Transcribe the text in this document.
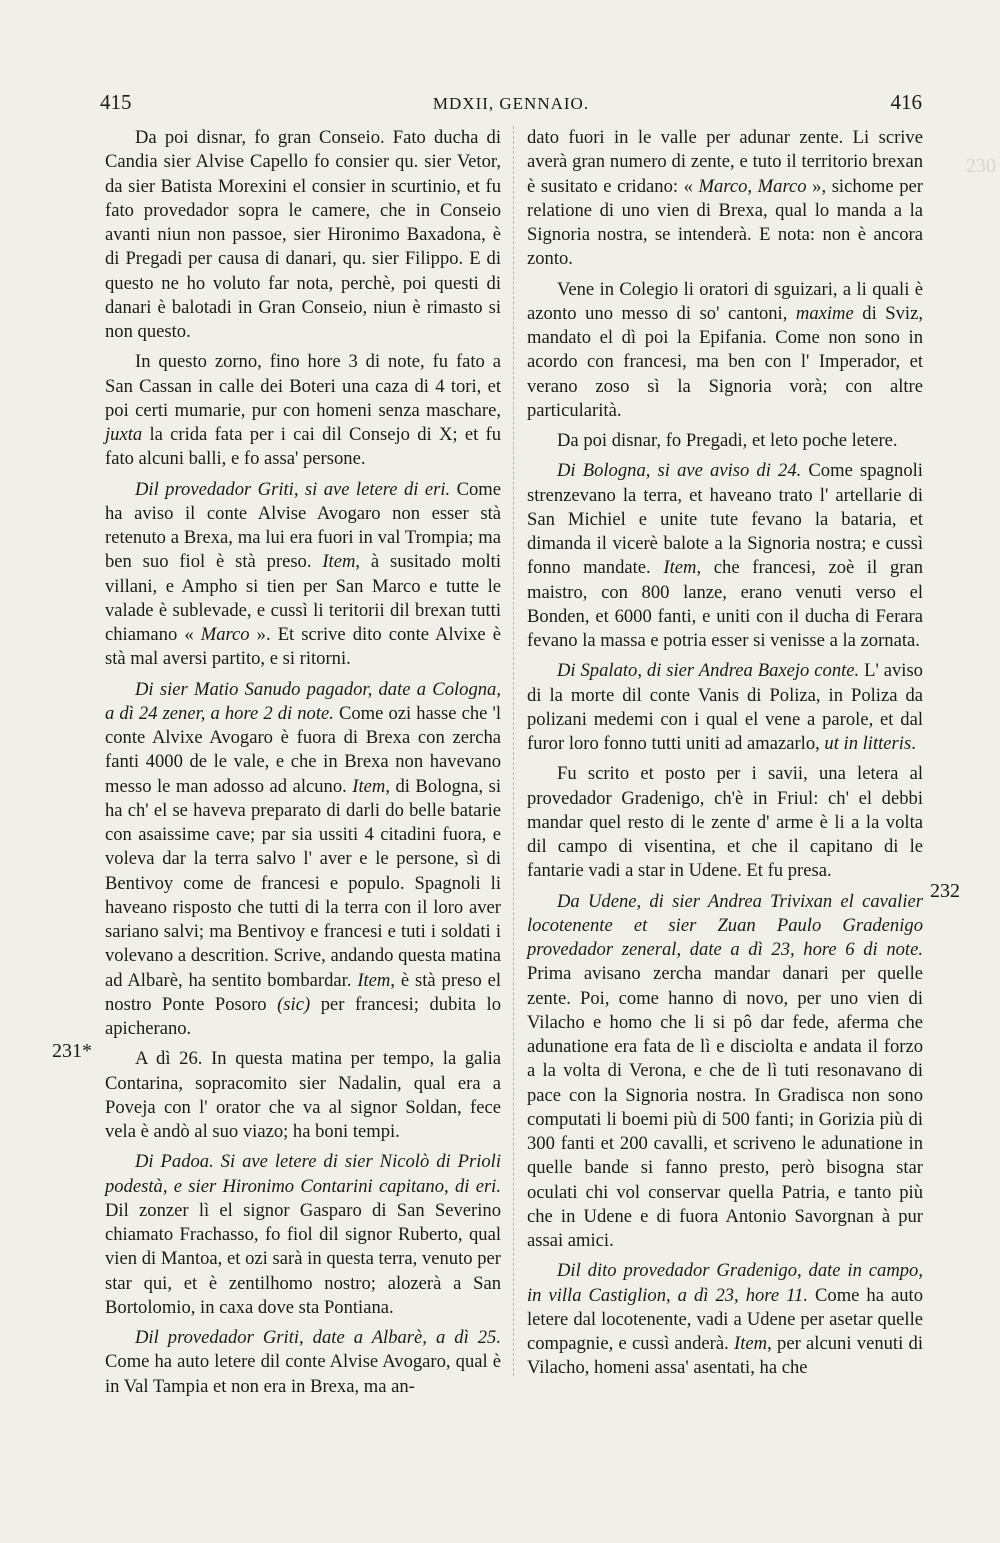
415	MDXII, GENNAIO.	416
230

Da poi disnar, fo gran Conseio. Fato ducha di Candia sier Alvise Capello fo consier qu. sier Vetor, da sier Batista Morexini el consier in scurtinio, et fu fato provedador sopra le camere, che in Conseio avanti niun non passoe, sier Hironimo Baxadona, è di Pregadi per causa di danari, qu. sier Filippo. E di questo ne ho voluto far nota, perchè, poi questi di danari è balotadi in Gran Conseio, niun è rimasto si non questo.

In questo zorno, fino hore 3 di note, fu fato a San Cassan in calle dei Boteri una caza di 4 tori, et poi certi mumarie, pur con homeni senza maschare, juxta la crida fata per i cai dil Consejo di X; et fu fato alcuni balli, e fo assa' persone.

Dil provedador Griti, si ave letere di eri. Come ha aviso il conte Alvise Avogaro non esser stà retenuto a Brexa, ma lui era fuori in val Trompia; ma ben suo fiol è stà preso. Item, à susitado molti villani, e Ampho si tien per San Marco e tutte le valade è sublevade, e cussì li teritorii dil brexan tutti chiamano « Marco ». Et scrive dito conte Alvixe è stà mal aversi partito, e si ritorni.

Di sier Matio Sanudo pagador, date a Cologna, a dì 24 zener, a hore 2 di note. Come ozi hasse che 'l conte Alvixe Avogaro è fuora di Brexa con zercha fanti 4000 de le vale, e che in Brexa non havevano messo le man adosso ad alcuno. Item, di Bologna, si ha ch' el se haveva preparato di darli do belle batarie con asaissime cave; par sia ussiti 4 citadini fuora, e voleva dar la terra salvo l' aver e le persone, sì di Bentivoy come de francesi e populo. Spagnoli li haveano risposto che tutti di la terra con il loro aver sariano salvi; ma Bentivoy e francesi e tuti i soldati i volevano a descrition. Scrive, andando questa matina ad Albarè, ha sentito bombardar. Item, è stà preso el nostro Ponte Posoro (sic) per francesi; dubita lo apicherano.

A dì 26. In questa matina per tempo, la galia Contarina, sopracomito sier Nadalin, qual era a Poveja con l' orator che va al signor Soldan, fece vela è andò al suo viazo; ha boni tempi.

Di Padoa. Si ave letere di sier Nicolò di Prioli podestà, e sier Hironimo Contarini capitano, di eri. Dil zonzer lì el signor Gasparo di San Severino chiamato Frachasso, fo fiol dil signor Ruberto, qual vien di Mantoa, et ozi sarà in questa terra, venuto per star qui, et è zentilhomo nostro; alozerà a San Bortolomio, in caxa dove sta Pontiana.

Dil provedador Griti, date a Albarè, a dì 25. Come ha auto letere dil conte Alvise Avogaro, qual è in Val Tampia et non era in Brexa, ma an-

dato fuori in le valle per adunar zente. Li scrive averà gran numero di zente, e tuto il territorio brexan è susitato e cridano: « Marco, Marco », sichome per relatione di uno vien di Brexa, qual lo manda a la Signoria nostra, se intenderà. E nota: non è ancora zonto.

Vene in Colegio li oratori di sguizari, a li quali è azonto uno messo di so' cantoni, maxime di Sviz, mandato el dì poi la Epifania. Come non sono in acordo con francesi, ma ben con l' Imperador, et verano zoso sì la Signoria vorà; con altre particularità.

Da poi disnar, fo Pregadi, et leto poche letere.

Di Bologna, si ave aviso di 24. Come spagnoli strenzevano la terra, et haveano trato l' artellarie di San Michiel e unite tute fevano la bataria, et dimanda il vicerè balote a la Signoria nostra; e cussì fonno mandate. Item, che francesi, zoè il gran maistro, con 800 lanze, erano venuti verso el Bonden, et 6000 fanti, e uniti con il ducha di Ferara fevano la massa e potria esser si venisse a la zornata.

Di Spalato, di sier Andrea Baxejo conte. L' aviso di la morte dil conte Vanis di Poliza, in Poliza da polizani medemi con i qual el vene a parole, et dal furor loro fonno tutti uniti ad amazarlo, ut in litteris.

Fu scrito et posto per i savii, una letera al provedador Gradenigo, ch'è in Friul: ch' el debbi mandar quel resto di le zente d' arme è li a la volta dil campo di visentina, et che il capitano di le fantarie vadi a star in Udene. Et fu presa.

Da Udene, di sier Andrea Trivixan el cavalier locotenente et sier Zuan Paulo Gradenigo provedador zeneral, date a dì 23, hore 6 di note. Prima avisano zercha mandar danari per quelle zente. Poi, come hanno di novo, per uno vien di Vilacho e homo che li si pô dar fede, aferma che adunatione era fata de lì e disciolta e andata il forzo a la volta di Verona, e che de lì tuti resonavano di pace con la Signoria nostra. In Gradisca non sono computati li boemi più di 500 fanti; in Gorizia più di 300 fanti et 200 cavalli, et scriveno le adunatione in quelle bande si fanno presto, però bisogna star oculati chi vol conservar quella Patria, e tanto più che in Udene e di fuora Antonio Savorgnan à pur assai amici.

Dil dito provedador Gradenigo, date in campo, in villa Castiglion, a dì 23, hore 11. Come ha auto letere dal locotenente, vadi a Udene per asetar quelle compagnie, e cussì anderà. Item, per alcuni venuti di Vilacho, homeni assa' asentati, ha che

231*
232
